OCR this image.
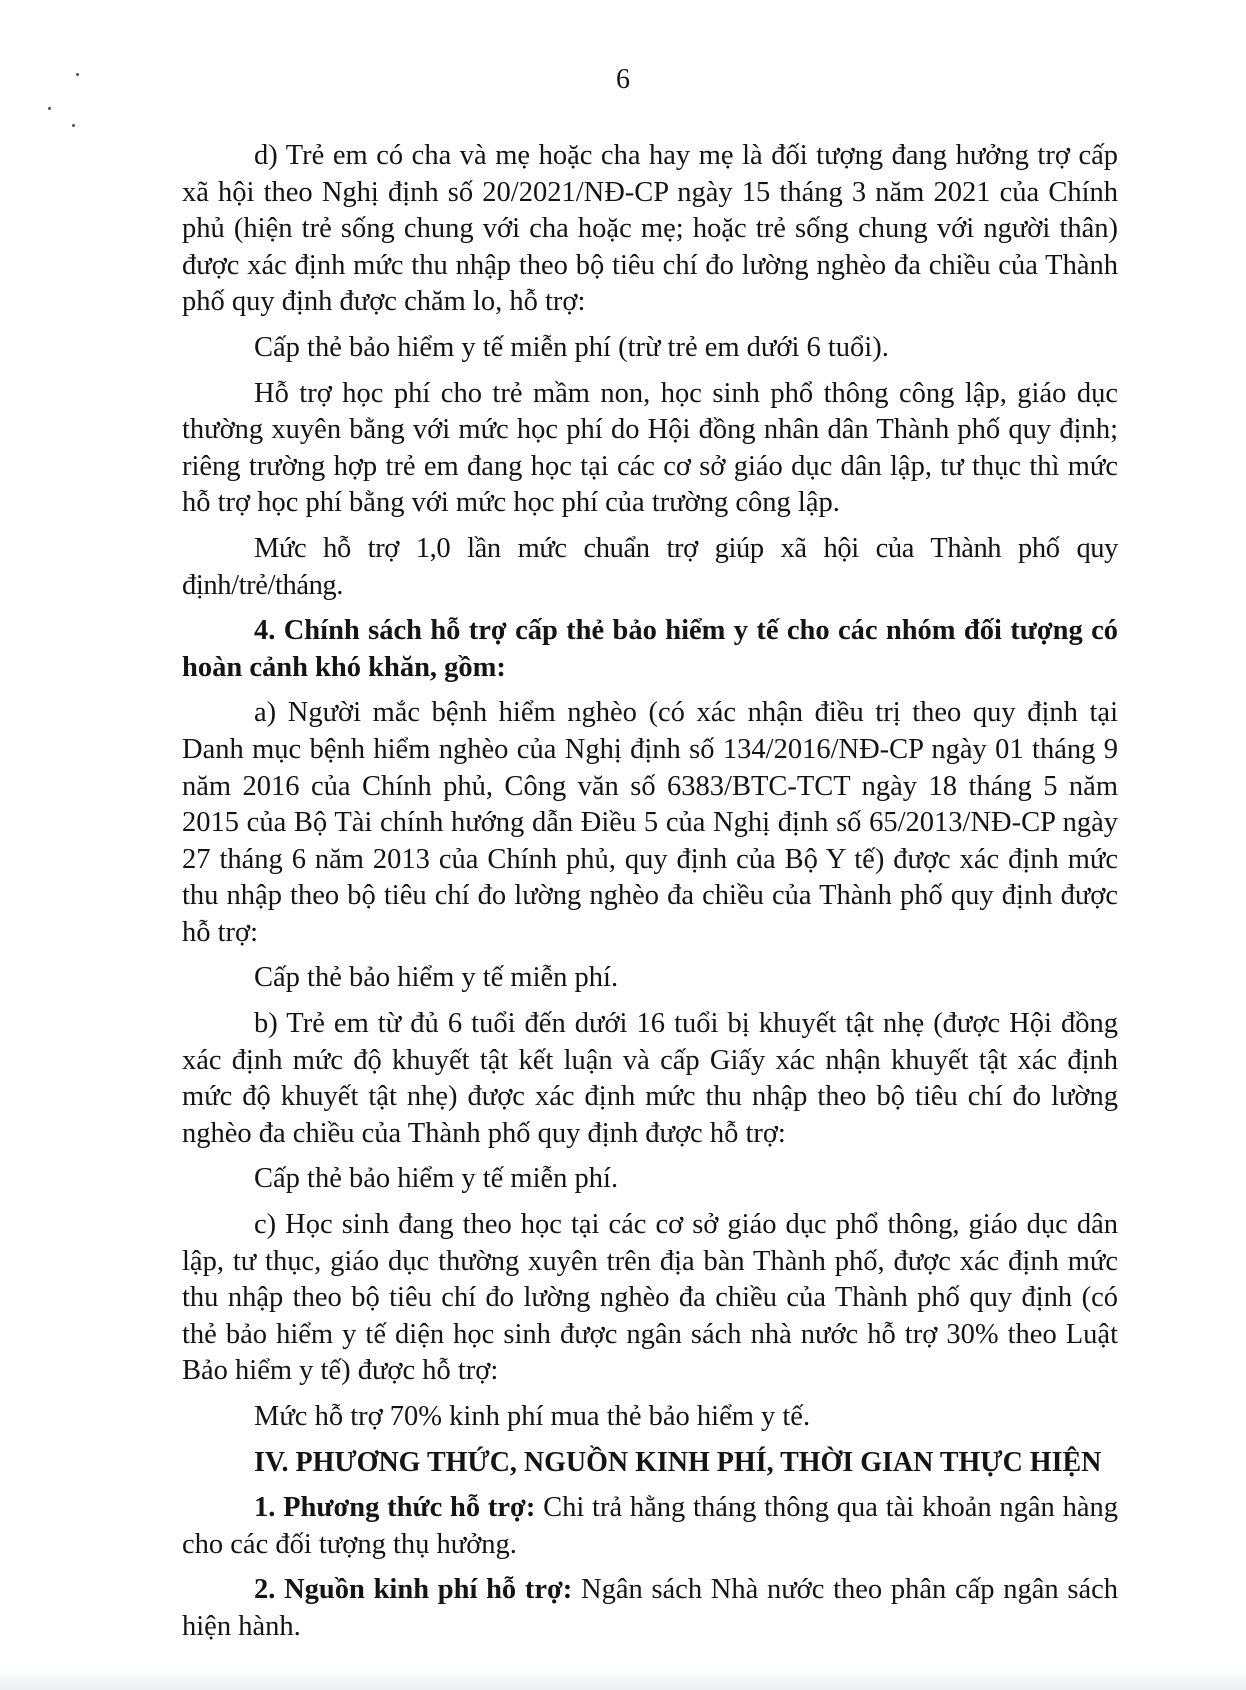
6

d) Trẻ em có cha và mẹ hoặc cha hay mẹ là đối tượng đang hưởng trợ cấp xã hội theo Nghị định số 20/2021/NĐ-CP ngày 15 tháng 3 năm 2021 của Chính phủ (hiện trẻ sống chung với cha hoặc mẹ; hoặc trẻ sống chung với người thân) được xác định mức thu nhập theo bộ tiêu chí đo lường nghèo đa chiều của Thành phố quy định được chăm lo, hỗ trợ:

Cấp thẻ bảo hiểm y tế miễn phí (trừ trẻ em dưới 6 tuổi).

Hỗ trợ học phí cho trẻ mầm non, học sinh phổ thông công lập, giáo dục thường xuyên bằng với mức học phí do Hội đồng nhân dân Thành phố quy định; riêng trường hợp trẻ em đang học tại các cơ sở giáo dục dân lập, tư thục thì mức hỗ trợ học phí bằng với mức học phí của trường công lập.

Mức hỗ trợ 1,0 lần mức chuẩn trợ giúp xã hội của Thành phố quy định/trẻ/tháng.

4. Chính sách hỗ trợ cấp thẻ bảo hiểm y tế cho các nhóm đối tượng có hoàn cảnh khó khăn, gồm:

a) Người mắc bệnh hiểm nghèo (có xác nhận điều trị theo quy định tại Danh mục bệnh hiểm nghèo của Nghị định số 134/2016/NĐ-CP ngày 01 tháng 9 năm 2016 của Chính phủ, Công văn số 6383/BTC-TCT ngày 18 tháng 5 năm 2015 của Bộ Tài chính hướng dẫn Điều 5 của Nghị định số 65/2013/NĐ-CP ngày 27 tháng 6 năm 2013 của Chính phủ, quy định của Bộ Y tế) được xác định mức thu nhập theo bộ tiêu chí đo lường nghèo đa chiều của Thành phố quy định được hỗ trợ:

Cấp thẻ bảo hiểm y tế miễn phí.

b) Trẻ em từ đủ 6 tuổi đến dưới 16 tuổi bị khuyết tật nhẹ (được Hội đồng xác định mức độ khuyết tật kết luận và cấp Giấy xác nhận khuyết tật xác định mức độ khuyết tật nhẹ) được xác định mức thu nhập theo bộ tiêu chí đo lường nghèo đa chiều của Thành phố quy định được hỗ trợ:

Cấp thẻ bảo hiểm y tế miễn phí.

c) Học sinh đang theo học tại các cơ sở giáo dục phổ thông, giáo dục dân lập, tư thục, giáo dục thường xuyên trên địa bàn Thành phố, được xác định mức thu nhập theo bộ tiêu chí đo lường nghèo đa chiều của Thành phố quy định (có thẻ bảo hiểm y tế diện học sinh được ngân sách nhà nước hỗ trợ 30% theo Luật Bảo hiểm y tế) được hỗ trợ:

Mức hỗ trợ 70% kinh phí mua thẻ bảo hiểm y tế.

IV. PHƯƠNG THỨC, NGUỒN KINH PHÍ, THỜI GIAN THỰC HIỆN

1. Phương thức hỗ trợ: Chi trả hằng tháng thông qua tài khoản ngân hàng cho các đối tượng thụ hưởng.

2. Nguồn kinh phí hỗ trợ: Ngân sách Nhà nước theo phân cấp ngân sách hiện hành.
